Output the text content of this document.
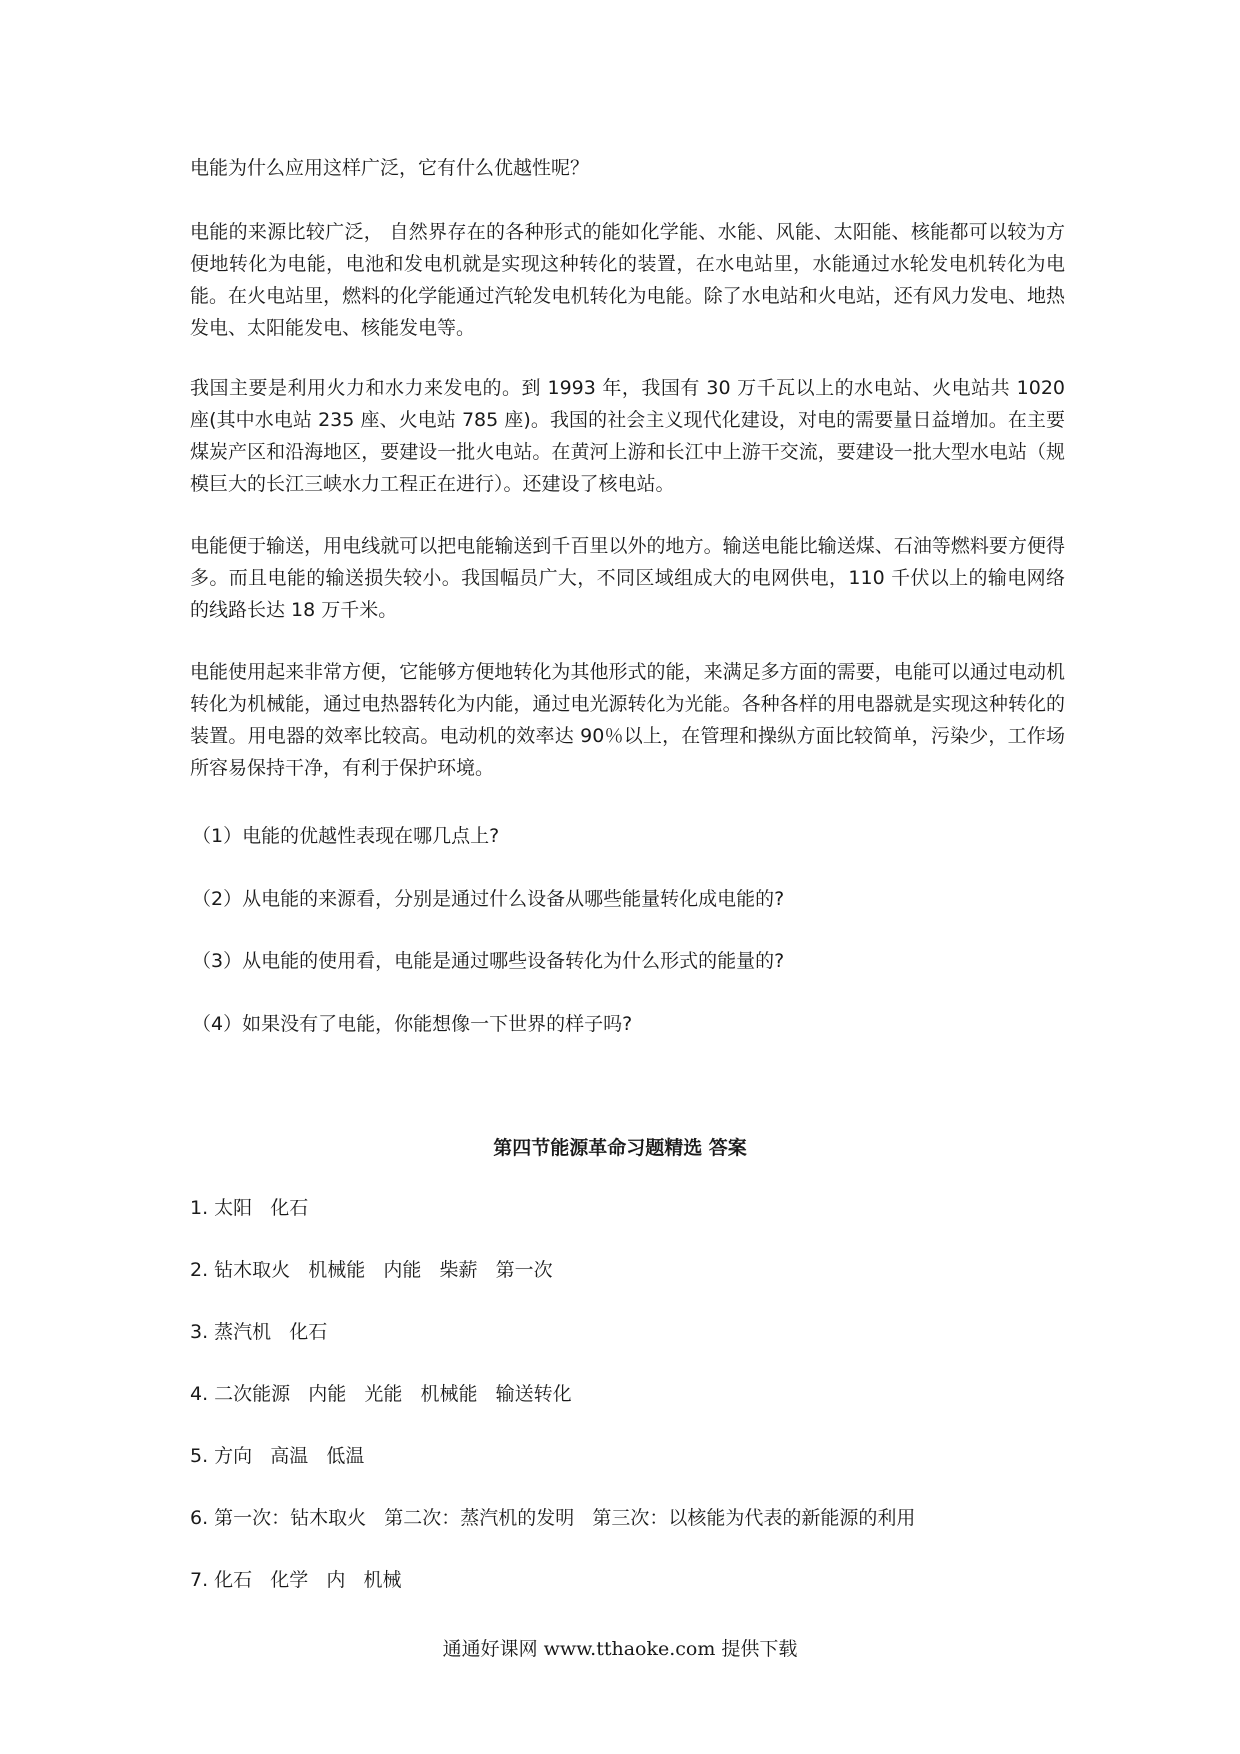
电能为什么应用这样广泛，它有什么优越性呢？

电能的来源比较广泛， 自然界存在的各种形式的能如化学能、水能、风能、太阳能、核能都可以较为方便地转化为电能，电池和发电机就是实现这种转化的装置，在水电站里，水能通过水轮发电机转化为电能。在火电站里，燃料的化学能通过汽轮发电机转化为电能。除了水电站和火电站，还有风力发电、地热发电、太阳能发电、核能发电等。

我国主要是利用火力和水力来发电的。到 1993 年，我国有 30 万千瓦以上的水电站、火电站共 1020 座(其中水电站 235 座、火电站 785 座)。我国的社会主义现代化建设，对电的需要量日益增加。在主要煤炭产区和沿海地区，要建设一批火电站。在黄河上游和长江中上游干交流，要建设一批大型水电站（规模巨大的长江三峡水力工程正在进行）。还建设了核电站。

电能便于输送，用电线就可以把电能输送到千百里以外的地方。输送电能比输送煤、石油等燃料要方便得多。而且电能的输送损失较小。我国幅员广大，不同区域组成大的电网供电，110 千伏以上的输电网络的线路长达 18 万千米。

电能使用起来非常方便，它能够方便地转化为其他形式的能，来满足多方面的需要，电能可以通过电动机转化为机械能，通过电热器转化为内能，通过电光源转化为光能。各种各样的用电器就是实现这种转化的装置。用电器的效率比较高。电动机的效率达 90％以上，在管理和操纵方面比较简单，污染少，工作场所容易保持干净，有利于保护环境。

（1）电能的优越性表现在哪几点上?

（2）从电能的来源看，分别是通过什么设备从哪些能量转化成电能的?

（3）从电能的使用看，电能是通过哪些设备转化为什么形式的能量的?

（4）如果没有了电能，你能想像一下世界的样子吗?

第四节能源革命习题精选 答案

1. 太阳   化石

2. 钻木取火   机械能   内能   柴薪   第一次

3. 蒸汽机   化石

4. 二次能源   内能   光能   机械能   输送转化

5. 方向   高温   低温

6. 第一次：钻木取火   第二次：蒸汽机的发明   第三次：以核能为代表的新能源的利用

7. 化石   化学   内   机械

通通好课网 www.tthaoke.com 提供下载
